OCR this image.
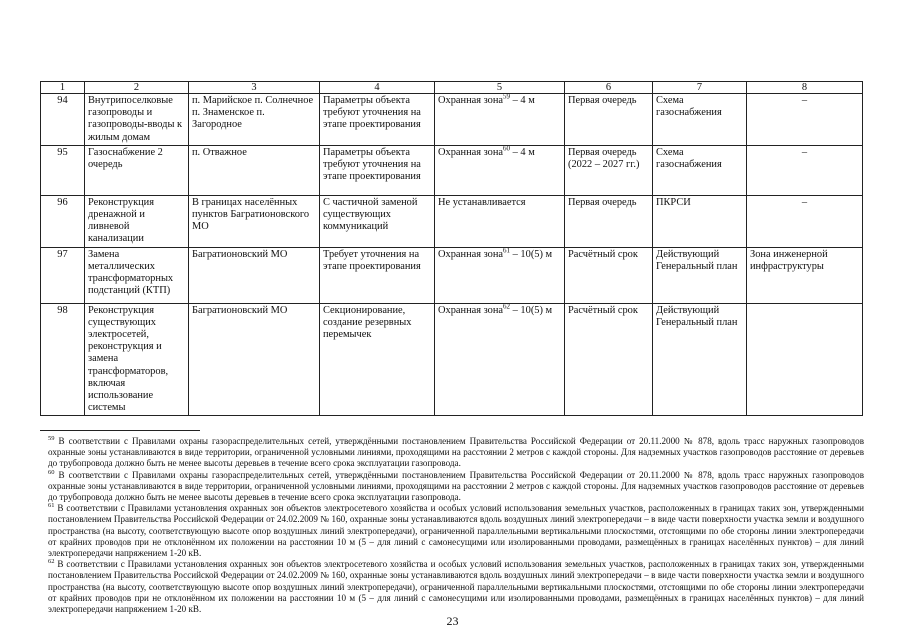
1	2	3	4	5	6	7	8
94	Внутрипоселковые газопроводы и газопроводы-вводы к жилым домам	п. Марийское п. Солнечное п. Знаменское п. Загородное	Параметры объекта требуют уточнения на этапе проектирования	Охранная зона$^{59}$ – 4 м	Первая очередь	Схема газоснабжения	–
95	Газоснабжение 2 очередь	п. Отважное	Параметры объекта требуют уточнения на этапе проектирования	Охранная зона$^{60}$ – 4 м	Первая очередь (2022 – 2027 гг.)	Схема газоснабжения	–
96	Реконструкция дренажной и ливневой канализации	В границах населённых пунктов Багратионовского МО	С частичной заменой существующих коммуникаций	Не устанавливается	Первая очередь	ПКРСИ	–
97	Замена металлических трансформаторных подстанций (КТП)	Багратионовский МО	Требует уточнения на этапе проектирования	Охранная зона$^{61}$ – 10(5) м	Расчётный срок	Действующий Генеральный план	Зона инженерной инфраструктуры
98	Реконструкция существующих электросетей, реконструкция и замена трансформаторов, включая использование системы	Багратионовский МО	Секционирование, создание резервных перемычек	Охранная зона$^{62}$ – 10(5) м	Расчётный срок	Действующий Генеральный план	

$^{59}$ В соответствии с Правилами охраны газораспределительных сетей, утверждёнными постановлением Правительства Российской Федерации от 20.11.2000 № 878, вдоль трасс наружных газопроводов охранные зоны устанавливаются в виде территории, ограниченной условными линиями, проходящими на расстоянии 2 метров с каждой стороны. Для надземных участков газопроводов расстояние от деревьев до трубопровода должно быть не менее высоты деревьев в течение всего срока эксплуатации газопровода.

$^{60}$ В соответствии с Правилами охраны газораспределительных сетей, утверждёнными постановлением Правительства Российской Федерации от 20.11.2000 № 878, вдоль трасс наружных газопроводов охранные зоны устанавливаются в виде территории, ограниченной условными линиями, проходящими на расстоянии 2 метров с каждой стороны. Для надземных участков газопроводов расстояние от деревьев до трубопровода должно быть не менее высоты деревьев в течение всего срока эксплуатации газопровода.

$^{61}$ В соответствии с Правилами установления охранных зон объектов электросетевого хозяйства и особых условий использования земельных участков, расположенных в границах таких зон, утвержденными постановлением Правительства Российской Федерации от 24.02.2009 № 160, охранные зоны устанавливаются вдоль воздушных линий электропередачи – в виде части поверхности участка земли и воздушного пространства (на высоту, соответствующую высоте опор воздушных линий электропередачи), ограниченной параллельными вертикальными плоскостями, отстоящими по обе стороны линии электропередачи от крайних проводов при не отклонённом их положении на расстоянии 10 м (5 – для линий с самонесущими или изолированными проводами, размещённых в границах населённых пунктов) – для линий электропередачи напряжением 1-20 кВ.

$^{62}$ В соответствии с Правилами установления охранных зон объектов электросетевого хозяйства и особых условий использования земельных участков, расположенных в границах таких зон, утвержденными постановлением Правительства Российской Федерации от 24.02.2009 № 160, охранные зоны устанавливаются вдоль воздушных линий электропередачи – в виде части поверхности участка земли и воздушного пространства (на высоту, соответствующую высоте опор воздушных линий электропередачи), ограниченной параллельными вертикальными плоскостями, отстоящими по обе стороны линии электропередачи от крайних проводов при не отклонённом их положении на расстоянии 10 м (5 – для линий с самонесущими или изолированными проводами, размещённых в границах населённых пунктов) – для линий электропередачи напряжением 1-20 кВ.

23
